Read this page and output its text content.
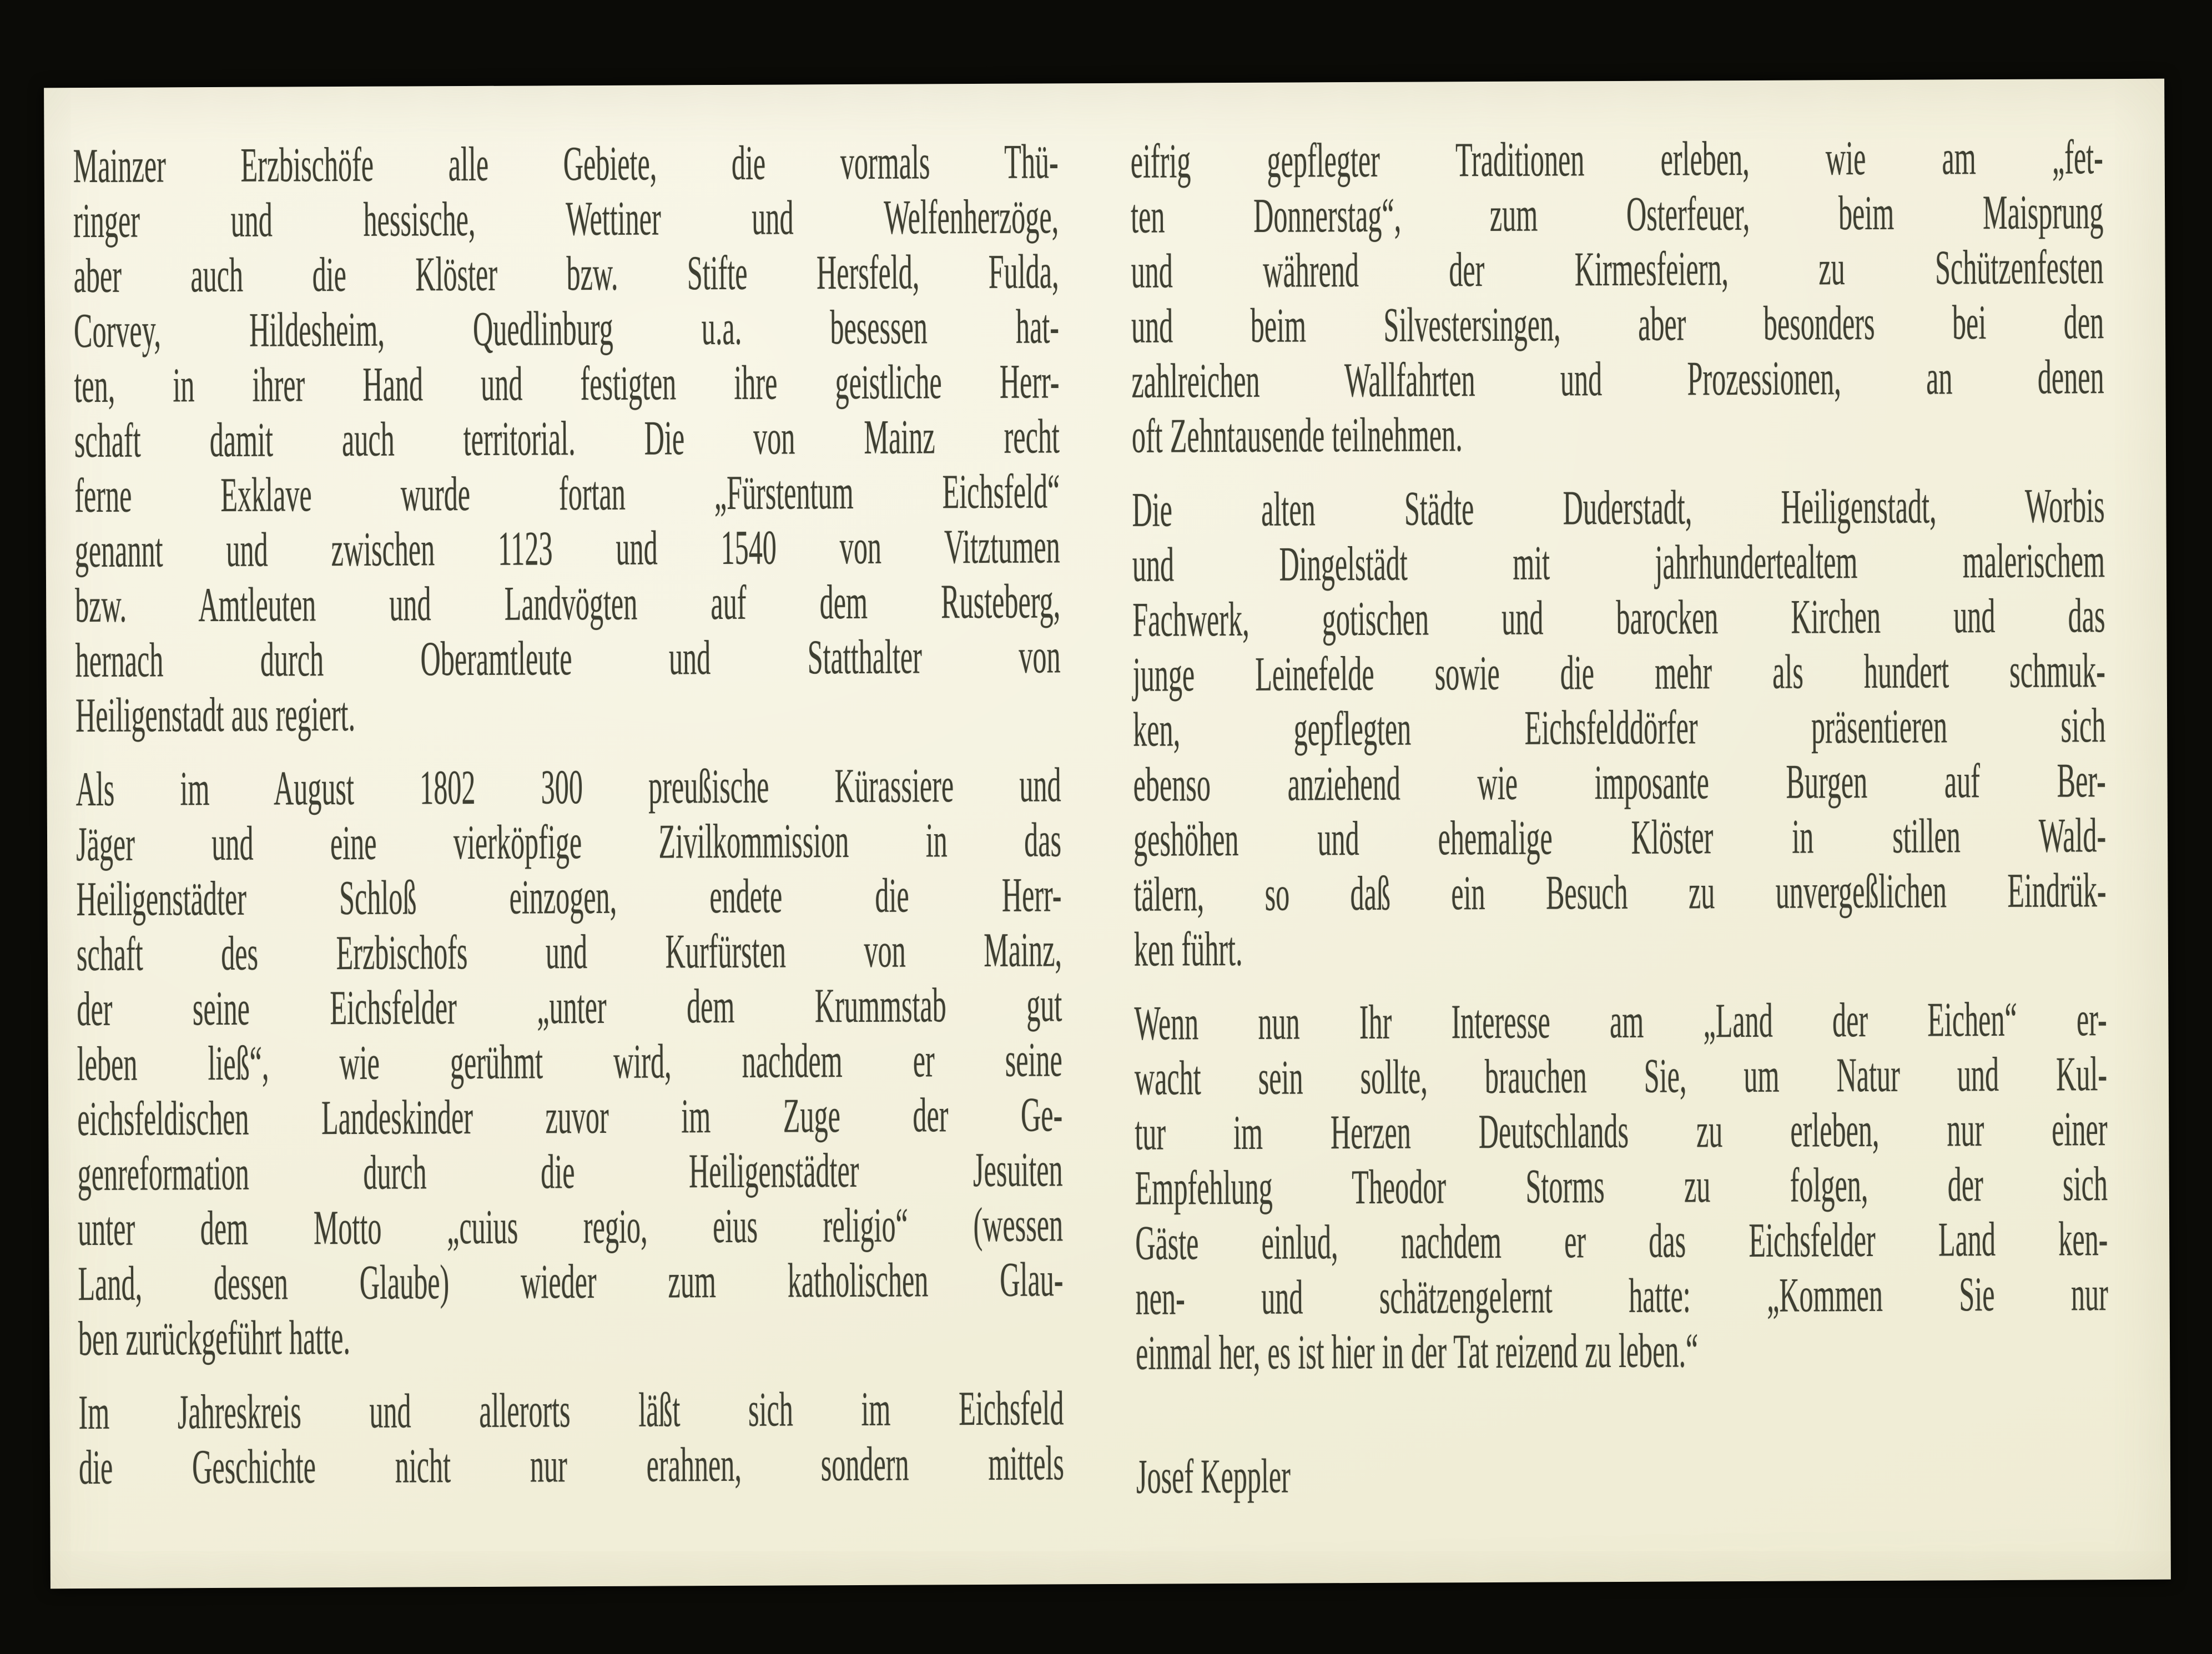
Mainzer Erzbischöfe alle Gebiete, die vormals Thü-
ringer und hessische, Wettiner und Welfenherzöge,
aber auch die Klöster bzw. Stifte Hersfeld, Fulda,
Corvey, Hildesheim, Quedlinburg u.a. besessen hat-
ten, in ihrer Hand und festigten ihre geistliche Herr-
schaft damit auch territorial. Die von Mainz recht
ferne Exklave wurde fortan „Fürstentum Eichsfeld“
genannt und zwischen 1123 und 1540 von Vitztumen
bzw. Amtleuten und Landvögten auf dem Rusteberg,
hernach durch Oberamtleute und Statthalter von
Heiligenstadt aus regiert.
Als im August 1802 300 preußische Kürassiere und
Jäger und eine vierköpfige Zivilkommission in das
Heiligenstädter Schloß einzogen, endete die Herr-
schaft des Erzbischofs und Kurfürsten von Mainz,
der seine Eichsfelder „unter dem Krummstab gut
leben ließ“, wie gerühmt wird, nachdem er seine
eichsfeldischen Landeskinder zuvor im Zuge der Ge-
genreformation durch die Heiligenstädter Jesuiten
unter dem Motto „cuius regio, eius religio“ (wessen
Land, dessen Glaube) wieder zum katholischen Glau-
ben zurückgeführt hatte.
Im Jahreskreis und allerorts läßt sich im Eichsfeld
die Geschichte nicht nur erahnen, sondern mittels
eifrig gepflegter Traditionen erleben, wie am „fet-
ten Donnerstag“, zum Osterfeuer, beim Maisprung
und während der Kirmesfeiern, zu Schützenfesten
und beim Silvestersingen, aber besonders bei den
zahlreichen Wallfahrten und Prozessionen, an denen
oft Zehntausende teilnehmen.
Die alten Städte Duderstadt, Heiligenstadt, Worbis
und Dingelstädt mit jahrhundertealtem malerischem
Fachwerk, gotischen und barocken Kirchen und das
junge Leinefelde sowie die mehr als hundert schmuk-
ken, gepflegten Eichsfelddörfer präsentieren sich
ebenso anziehend wie imposante Burgen auf Ber-
geshöhen und ehemalige Klöster in stillen Wald-
tälern, so daß ein Besuch zu unvergeßlichen Eindrük-
ken führt.
Wenn nun Ihr Interesse am „Land der Eichen“ er-
wacht sein sollte, brauchen Sie, um Natur und Kul-
tur im Herzen Deutschlands zu erleben, nur einer
Empfehlung Theodor Storms zu folgen, der sich
Gäste einlud, nachdem er das Eichsfelder Land ken-
nen- und schätzengelernt hatte: „Kommen Sie nur
einmal her, es ist hier in der Tat reizend zu leben.“
Josef Keppler
